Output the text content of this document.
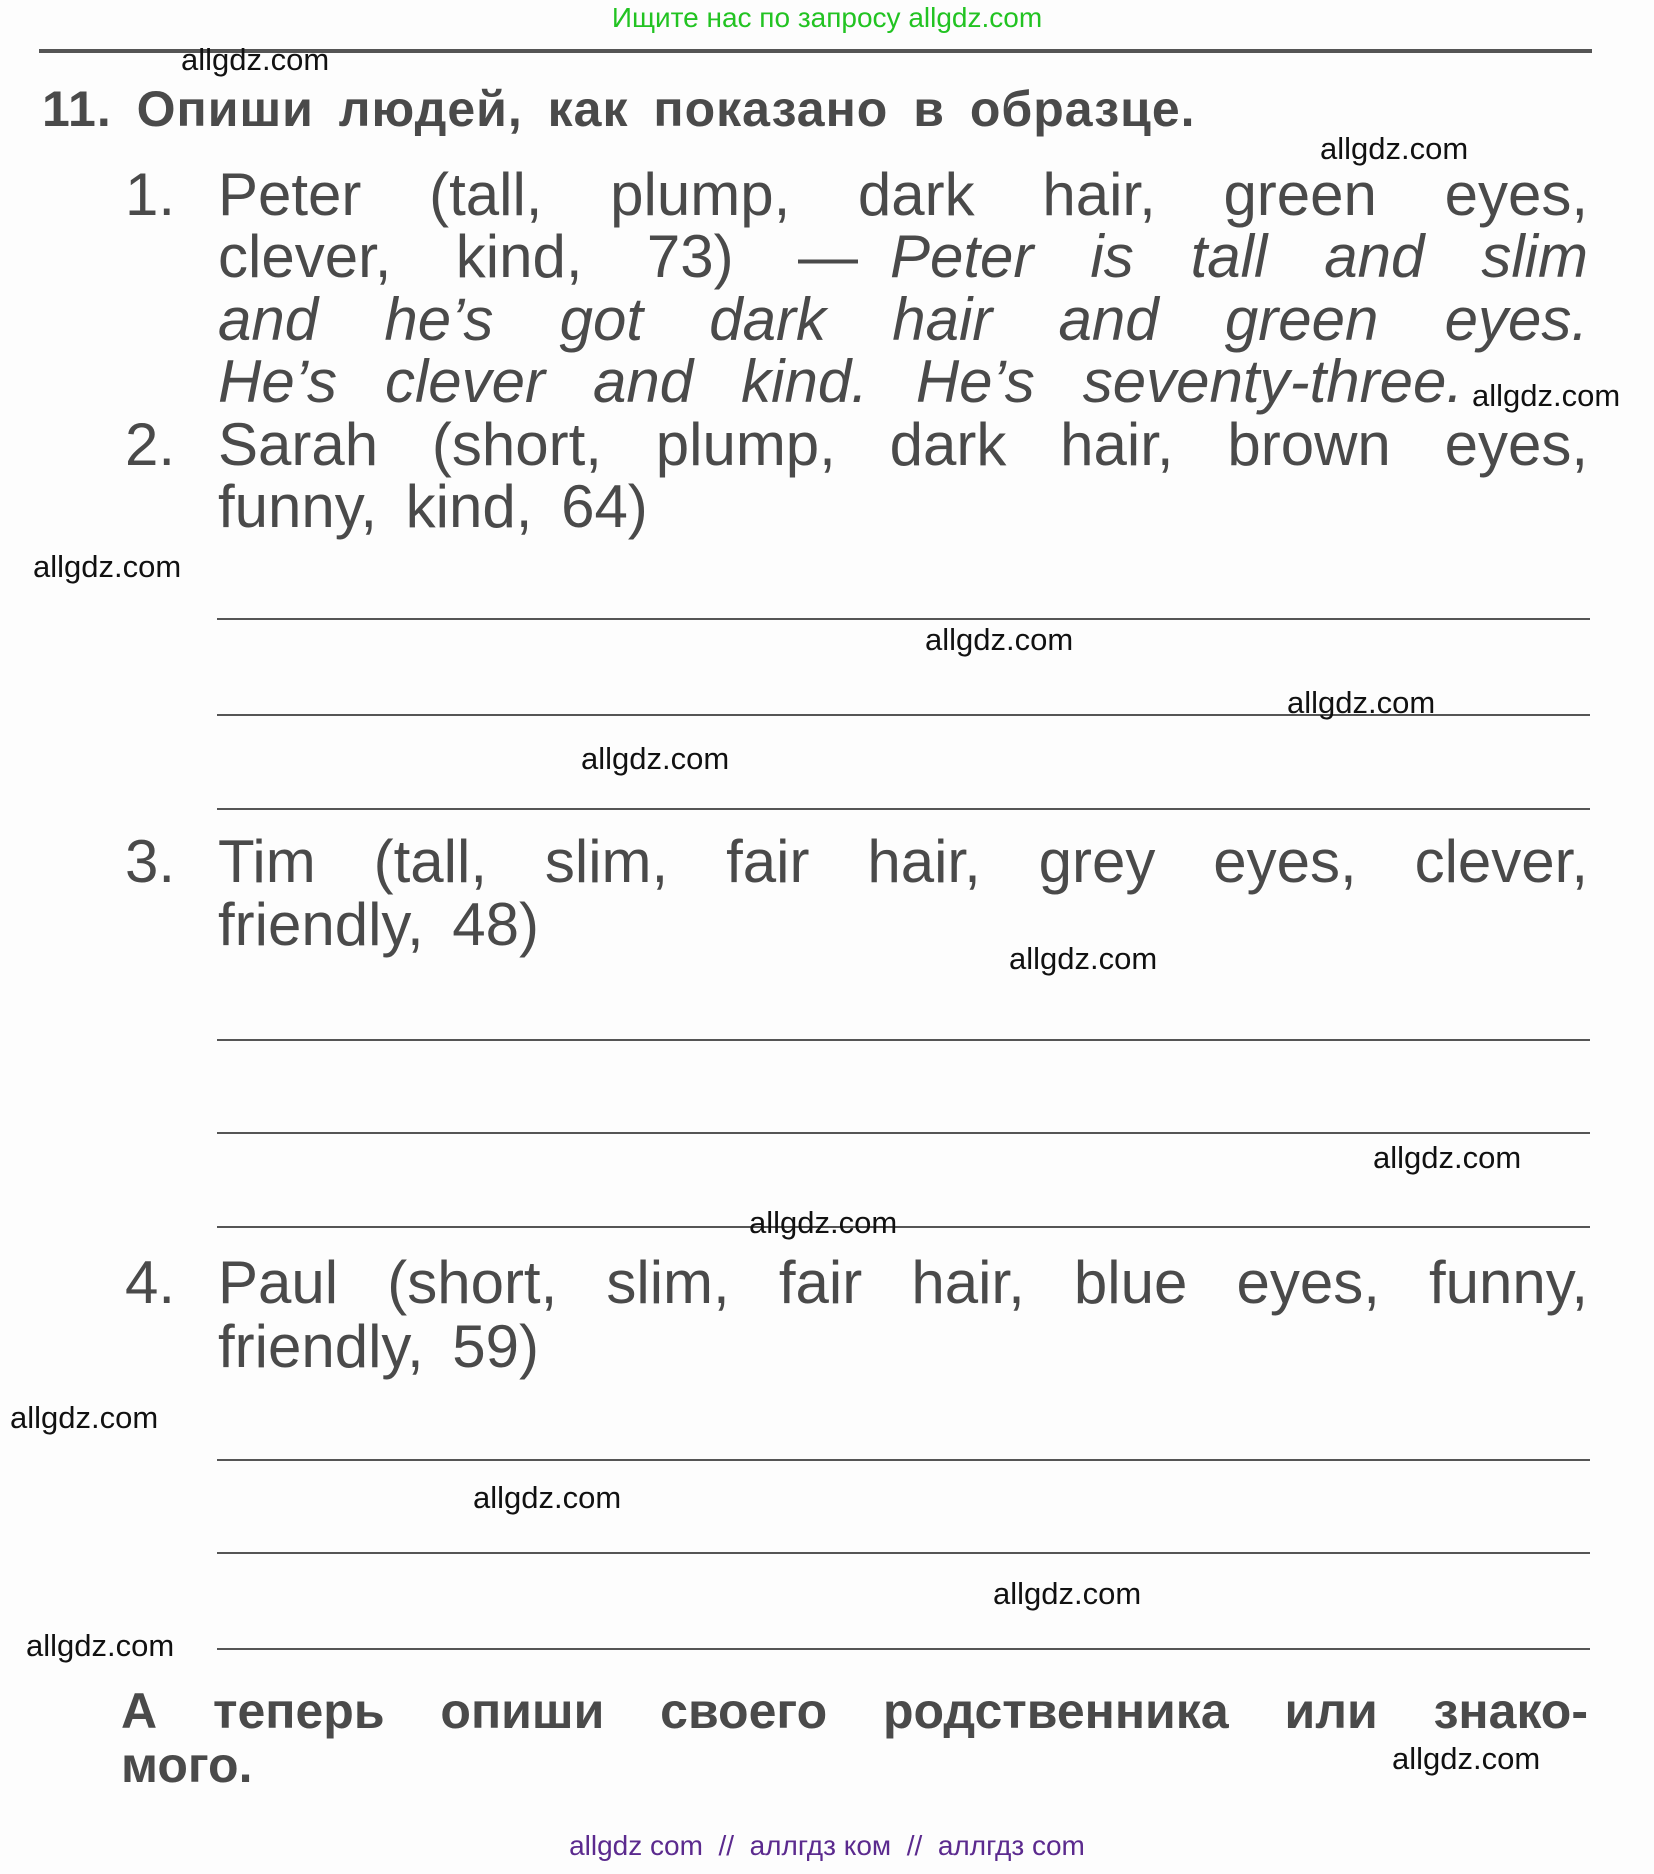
Ищите нас по запросу allgdz.com
11. Опиши людей, как показано в образце.
1. Peter (tall, plump, dark hair, green eyes,
clever, kind, 73) — Peter is tall and slim
and he’s got dark hair and green eyes.
He’s clever and kind. He’s seventy-three.
2. Sarah (short, plump, dark hair, brown eyes,
funny, kind, 64)
3. Tim (tall, slim, fair hair, grey eyes, clever,
friendly, 48)
4. Paul (short, slim, fair hair, blue eyes, funny,
friendly, 59)
А теперь опиши своего родственника или знако-
мого.
allgdz.com
allgdz.com
allgdz.com
allgdz.com
allgdz.com
allgdz.com
allgdz.com
allgdz.com
allgdz.com
allgdz.com
allgdz.com
allgdz.com
allgdz.com
allgdz.com
allgdz.com
allgdz com  //  аллгдз ком  //  аллгдз com
